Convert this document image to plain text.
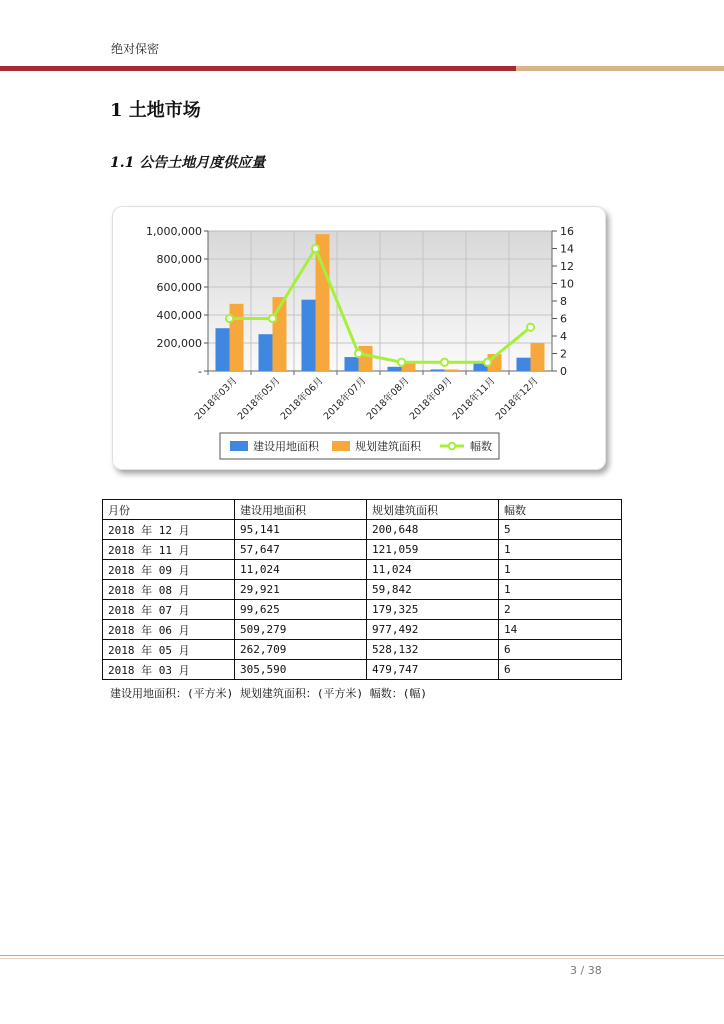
绝对保密
1 土地市场
1.1 公告土地月度供应量
1,000,000
800,000
600,000
400,000
200,000
-
16
14
12
10
8
6
4
2
0
2018年03月
2018年05月
2018年06月
2018年07月
2018年08月
2018年09月
2018年11月
2018年12月
建设用地面积	规划建筑面积	幅数
月份	建设用地面积	规划建筑面积	幅数
2018 年 12 月	95,141	200,648	5
2018 年 11 月	57,647	121,059	1
2018 年 09 月	11,024	11,024	1
2018 年 08 月	29,921	59,842	1
2018 年 07 月	99,625	179,325	2
2018 年 06 月	509,279	977,492	14
2018 年 05 月	262,709	528,132	6
2018 年 03 月	305,590	479,747	6
建设用地面积：(平方米) 规划建筑面积：(平方米) 幅数：(幅)
3 / 38
